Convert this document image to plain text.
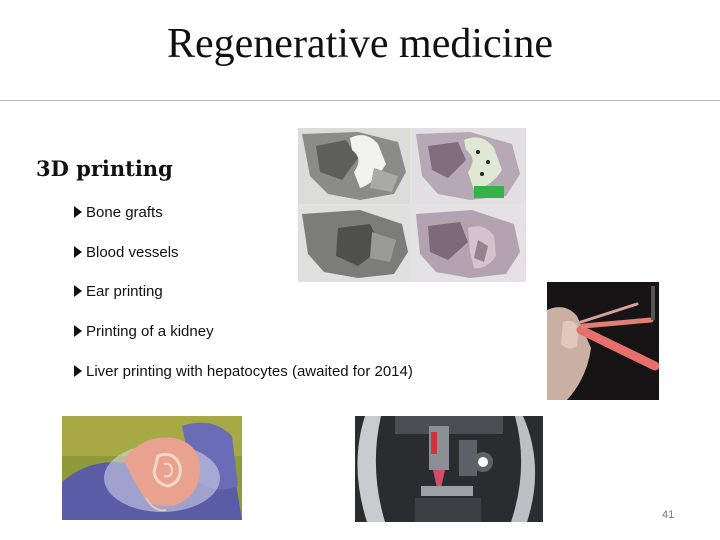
Regenerative medicine
3D printing
Bone grafts
Blood vessels
Ear printing
Printing of a kidney
Liver printing with hepatocytes (awaited for 2014)
41
